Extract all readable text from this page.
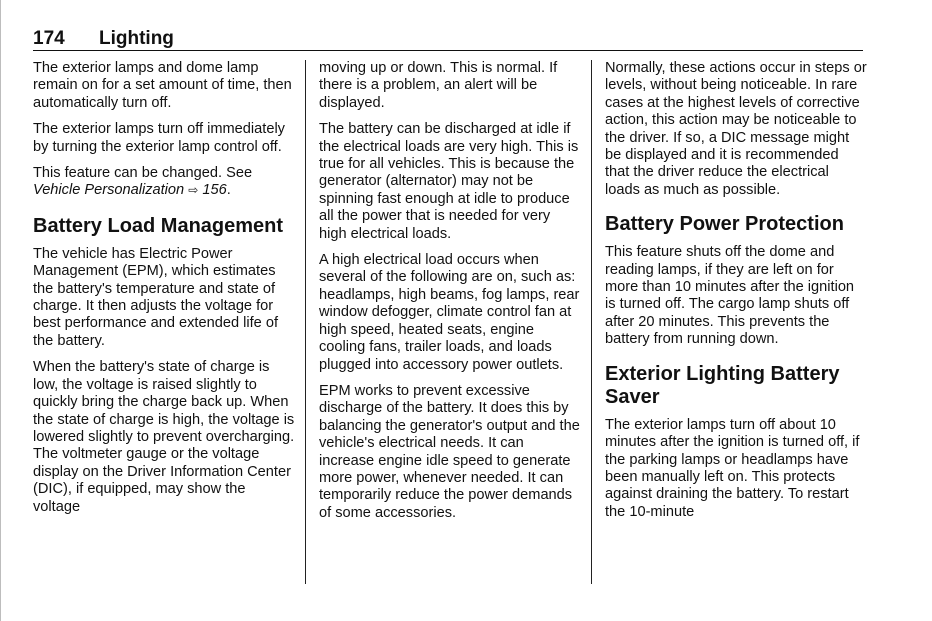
174 Lighting

The exterior lamps and dome lamp remain on for a set amount of time, then automatically turn off.

The exterior lamps turn off immediately by turning the exterior lamp control off.

This feature can be changed. See Vehicle Personalization ⇨ 156.

Battery Load Management

The vehicle has Electric Power Management (EPM), which estimates the battery's temperature and state of charge. It then adjusts the voltage for best performance and extended life of the battery.

When the battery's state of charge is low, the voltage is raised slightly to quickly bring the charge back up. When the state of charge is high, the voltage is lowered slightly to prevent overcharging. The voltmeter gauge or the voltage display on the Driver Information Center (DIC), if equipped, may show the voltage

moving up or down. This is normal. If there is a problem, an alert will be displayed.

The battery can be discharged at idle if the electrical loads are very high. This is true for all vehicles. This is because the generator (alternator) may not be spinning fast enough at idle to produce all the power that is needed for very high electrical loads.

A high electrical load occurs when several of the following are on, such as: headlamps, high beams, fog lamps, rear window defogger, climate control fan at high speed, heated seats, engine cooling fans, trailer loads, and loads plugged into accessory power outlets.

EPM works to prevent excessive discharge of the battery. It does this by balancing the generator's output and the vehicle's electrical needs. It can increase engine idle speed to generate more power, whenever needed. It can temporarily reduce the power demands of some accessories.

Normally, these actions occur in steps or levels, without being noticeable. In rare cases at the highest levels of corrective action, this action may be noticeable to the driver. If so, a DIC message might be displayed and it is recommended that the driver reduce the electrical loads as much as possible.

Battery Power Protection

This feature shuts off the dome and reading lamps, if they are left on for more than 10 minutes after the ignition is turned off. The cargo lamp shuts off after 20 minutes. This prevents the battery from running down.

Exterior Lighting Battery Saver

The exterior lamps turn off about 10 minutes after the ignition is turned off, if the parking lamps or headlamps have been manually left on. This protects against draining the battery. To restart the 10-minute
